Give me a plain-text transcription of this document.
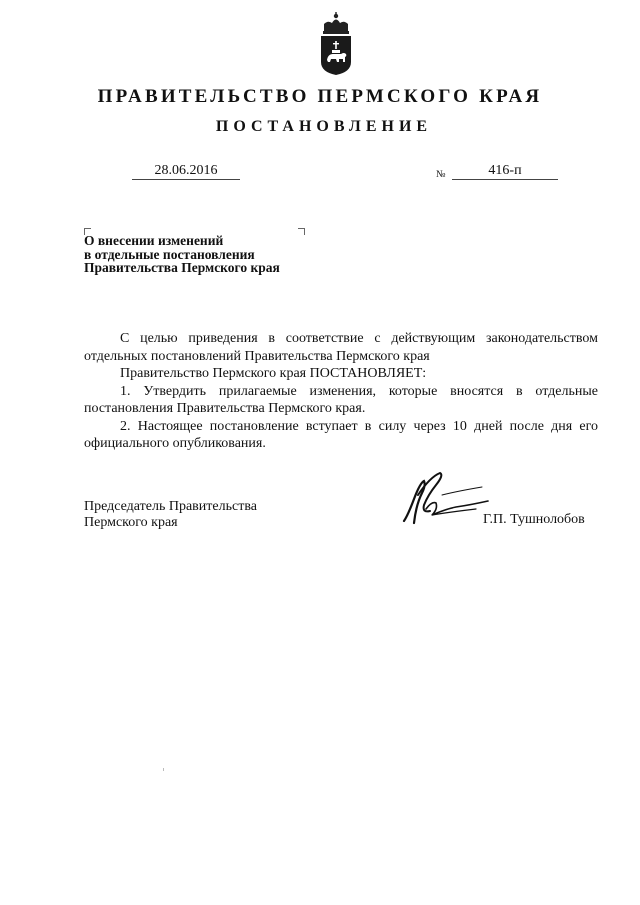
ПРАВИТЕЛЬСТВО ПЕРМСКОГО КРАЯ
ПОСТАНОВЛЕНИЕ
28.06.2016	№	416-п
О внесении изменений
в отдельные постановления
Правительства Пермского края

С целью приведения в соответствие с действующим законодательством отдельных постановлений Правительства Пермского края

Правительство Пермского края ПОСТАНОВЛЯЕТ:

1. Утвердить прилагаемые изменения, которые вносятся в отдельные постановления Правительства Пермского края.

2. Настоящее постановление вступает в силу через 10 дней после дня его официального опубликования.

Председатель Правительства
Пермского края	Г.П. Тушнолобов
